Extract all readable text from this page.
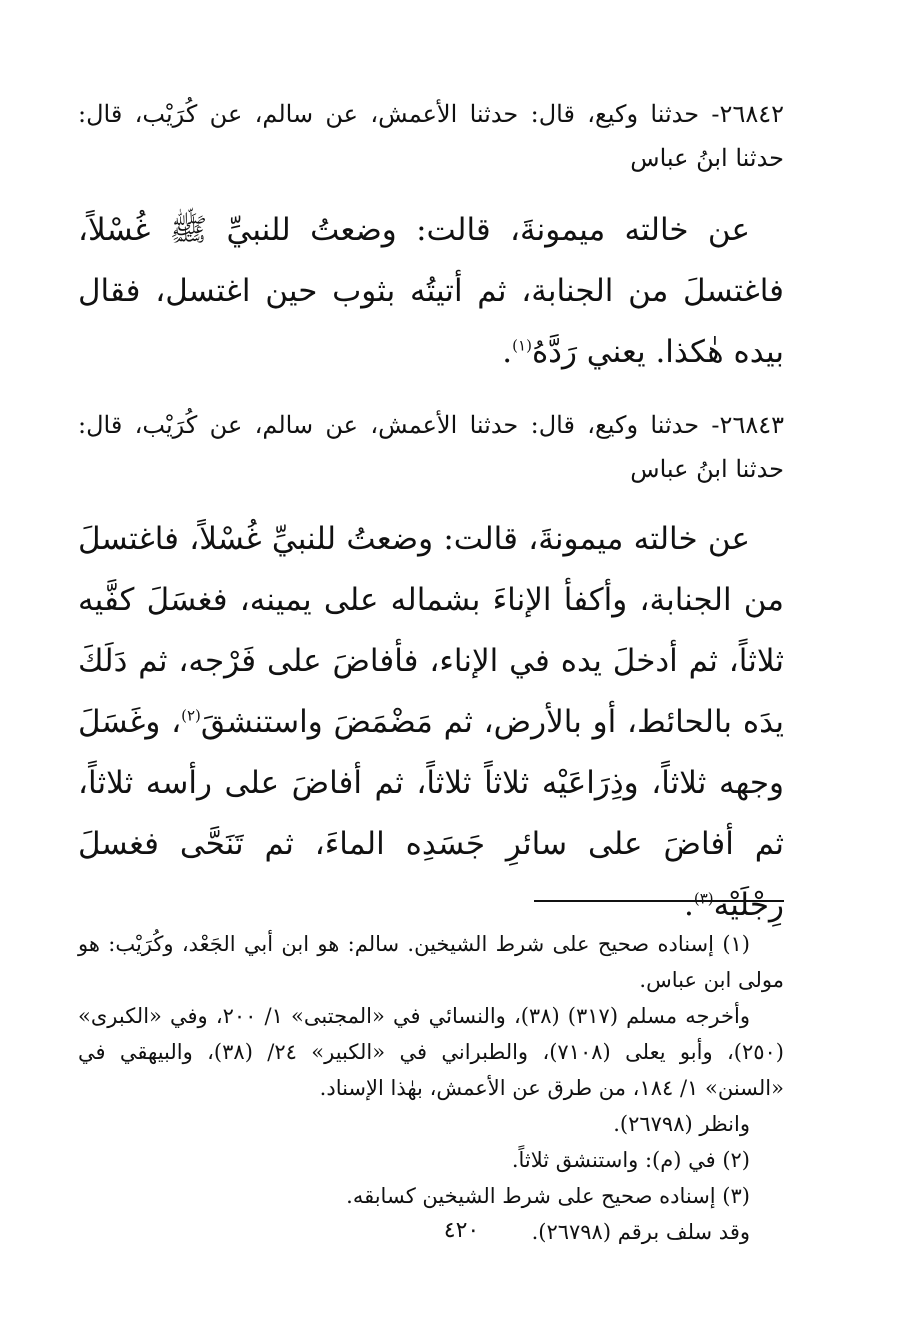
٢٦٨٤٢- حدثنا وكيع، قال: حدثنا الأعمش، عن سالم، عن كُرَيْب، قال: حدثنا ابنُ عباس

عن خالته ميمونةَ، قالت: وضعتُ للنبيِّ ﷺ غُسْلاً، فاغتسلَ من الجنابة، ثم أتيتُه بثوب حين اغتسل، فقال بيده هٰكذا. يعني رَدَّهُ$^{(١)}$.

٢٦٨٤٣- حدثنا وكيع، قال: حدثنا الأعمش، عن سالم، عن كُرَيْب، قال: حدثنا ابنُ عباس

عن خالته ميمونةَ، قالت: وضعتُ للنبيِّ غُسْلاً، فاغتسلَ من الجنابة، وأكفأ الإناءَ بشماله على يمينه، فغسَلَ كفَّيه ثلاثاً، ثم أدخلَ يده في الإناء، فأفاضَ على فَرْجه، ثم دَلَكَ يدَه بالحائط، أو بالأرض، ثم مَضْمَضَ واستنشقَ$^{(٢)}$، وغَسَلَ وجهه ثلاثاً، وذِرَاعَيْه ثلاثاً ثلاثاً، ثم أفاضَ على رأسه ثلاثاً، ثم أفاضَ على سائرِ جَسَدِه الماءَ، ثم تَنَحَّى فغسلَ رِجْلَيْه$^{(٣)}$.

(١) إسناده صحيح على شرط الشيخين. سالم: هو ابن أبي الجَعْد، وكُرَيْب: هو مولى ابن عباس.

وأخرجه مسلم (٣١٧) (٣٨)، والنسائي في «المجتبى» ١/ ٢٠٠، وفي «الكبرى» (٢٥٠)، وأبو يعلى (٧١٠٨)، والطبراني في «الكبير» ٢٤/ (٣٨)، والبيهقي في «السنن» ١/ ١٨٤، من طرق عن الأعمش، بهٰذا الإسناد.

وانظر (٢٦٧٩٨).

(٢) في (م): واستنشق ثلاثاً.

(٣) إسناده صحيح على شرط الشيخين كسابقه.

وقد سلف برقم (٢٦٧٩٨).

٤٢٠
